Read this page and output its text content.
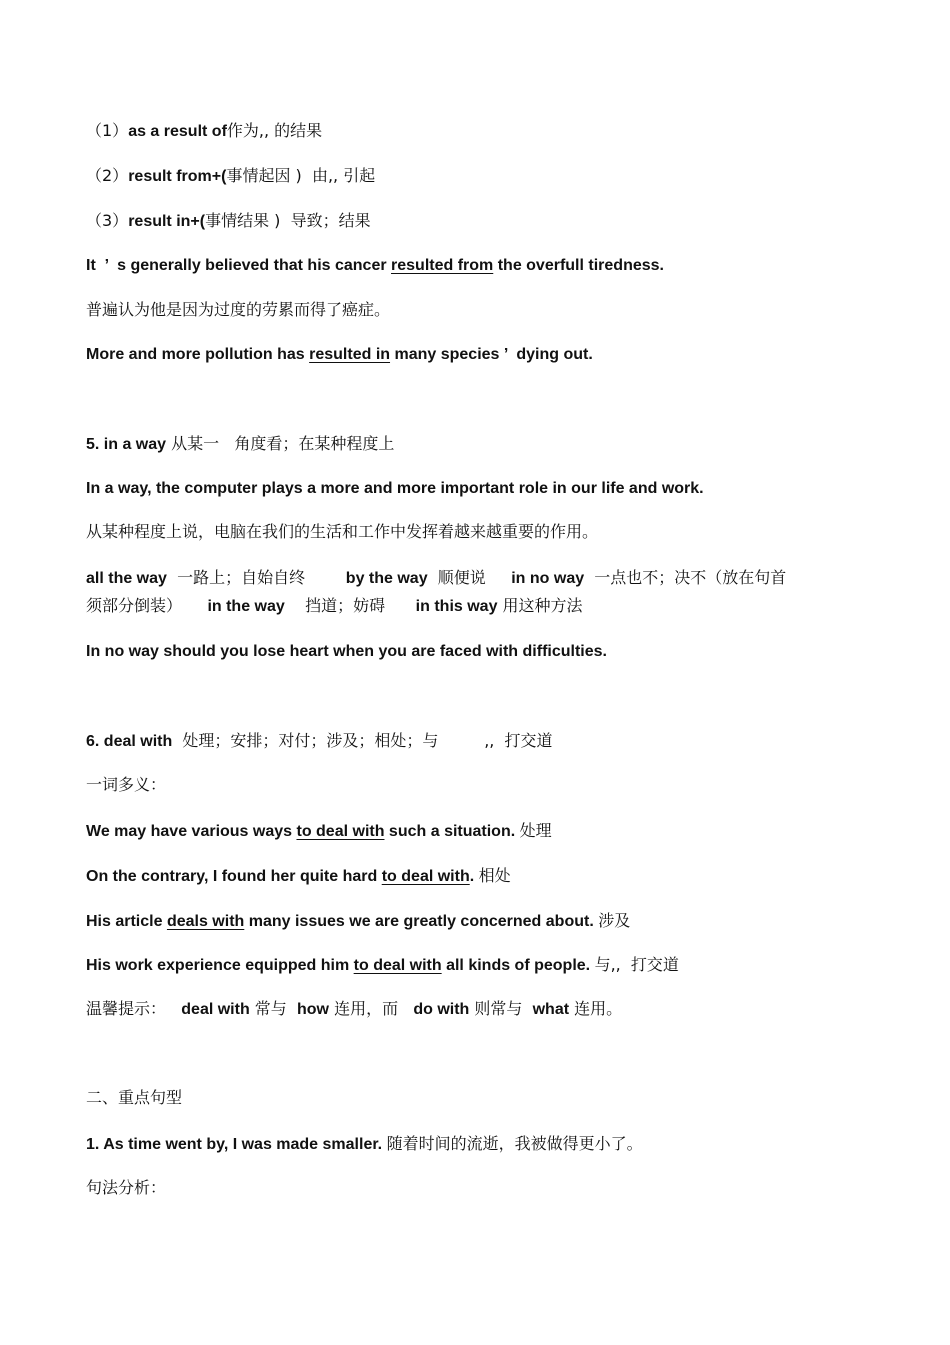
（1）as a result of作为,, 的结果
（2）result from+(事情起因 )  由,, 引起
（3）result in+(事情结果 )  导致；结果
It  ’  s generally believed that his cancer resulted from the overfull tiredness.
普遍认为他是因为过度的劳累而得了癌症。
More and more pollution has resulted in many species ’  dying out.
5. in a way 从某一   角度看；在某种程度上
In a way, the computer plays a more and more important role in our life and work.
从某种程度上说，电脑在我们的生活和工作中发挥着越来越重要的作用。
all the way  一路上；自始自终        by the way  顺便说     in no way  一点也不；决不（放在句首
须部分倒装）     in the way    挡道；妨碍      in this way 用这种方法
In no way should you lose heart when you are faced with difficulties.
6. deal with  处理；安排；对付；涉及；相处；与         ,,  打交道
一词多义：
We may have various ways to deal with such a situation. 处理
On the contrary, I found her quite hard to deal with. 相处
His article deals with many issues we are greatly concerned about. 涉及
His work experience equipped him to deal with all kinds of people. 与,,  打交道
温馨提示：   deal with 常与  how 连用，而   do with 则常与  what 连用。
二、重点句型
1. As time went by, I was made smaller. 随着时间的流逝，我被做得更小了。
句法分析：
